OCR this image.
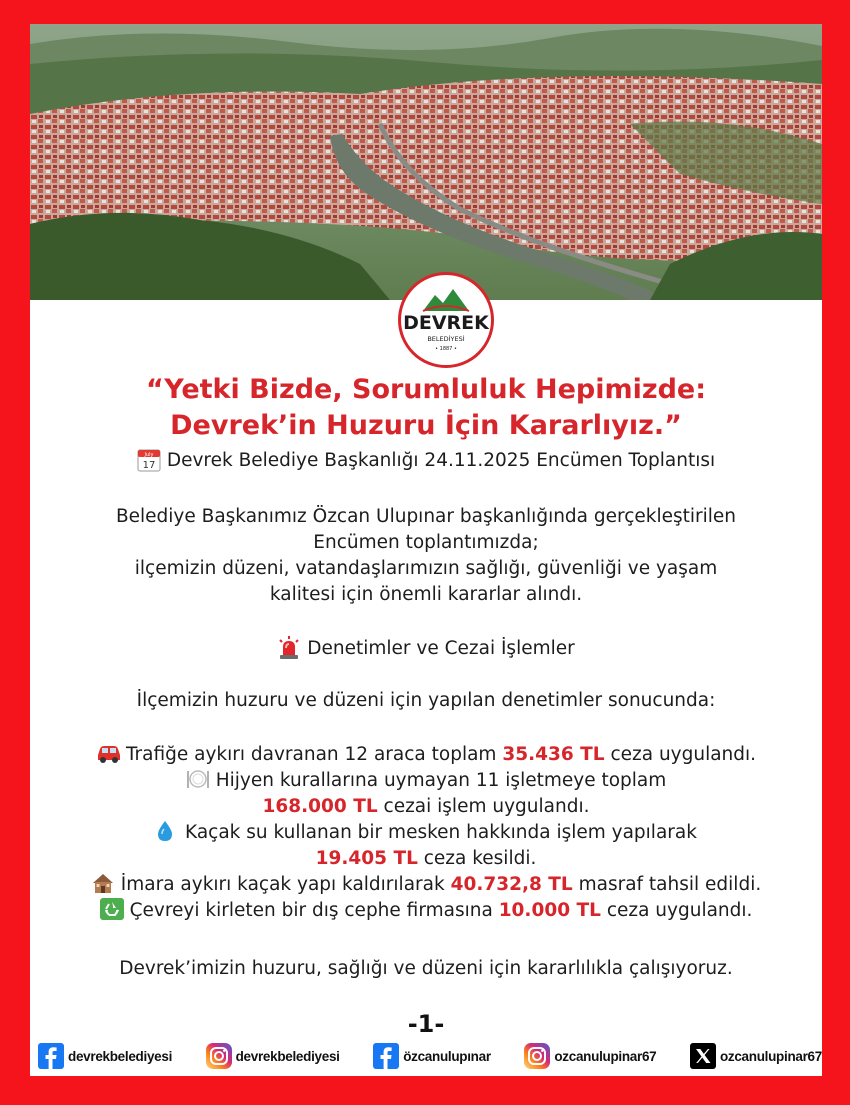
DEVREK
BELEDİYESİ
• 1887 •
“Yetki Bizde, Sorumluluk Hepimizde:
Devrek’in Huzuru İçin Kararlıyız.”
July
17 Devrek Belediye Başkanlığı 24.11.2025 Encümen Toplantısı
Belediye Başkanımız Özcan Ulupınar başkanlığında gerçekleştirilen
Encümen toplantımızda;
ilçemizin düzeni, vatandaşlarımızın sağlığı, güvenliği ve yaşam
kalitesi için önemli kararlar alındı.
Denetimler ve Cezai İşlemler
İlçemizin huzuru ve düzeni için yapılan denetimler sonucunda:
Trafiğe aykırı davranan 12 araca toplam 35.436 TL ceza uygulandı.
Hijyen kurallarına uymayan 11 işletmeye toplam
168.000 TL cezai işlem uygulandı.
Kaçak su kullanan bir mesken hakkında işlem yapılarak
19.405 TL ceza kesildi.
İmara aykırı kaçak yapı kaldırılarak 40.732,8 TL masraf tahsil edildi.
Çevreyi kirleten bir dış cephe firmasına 10.000 TL ceza uygulandı.
Devrek’imizin huzuru, sağlığı ve düzeni için kararlılıkla çalışıyoruz.
-1-
devrekbelediyesi	devrekbelediyesi	özcanulupınar	ozcanulupinar67	ozcanulupinar67
